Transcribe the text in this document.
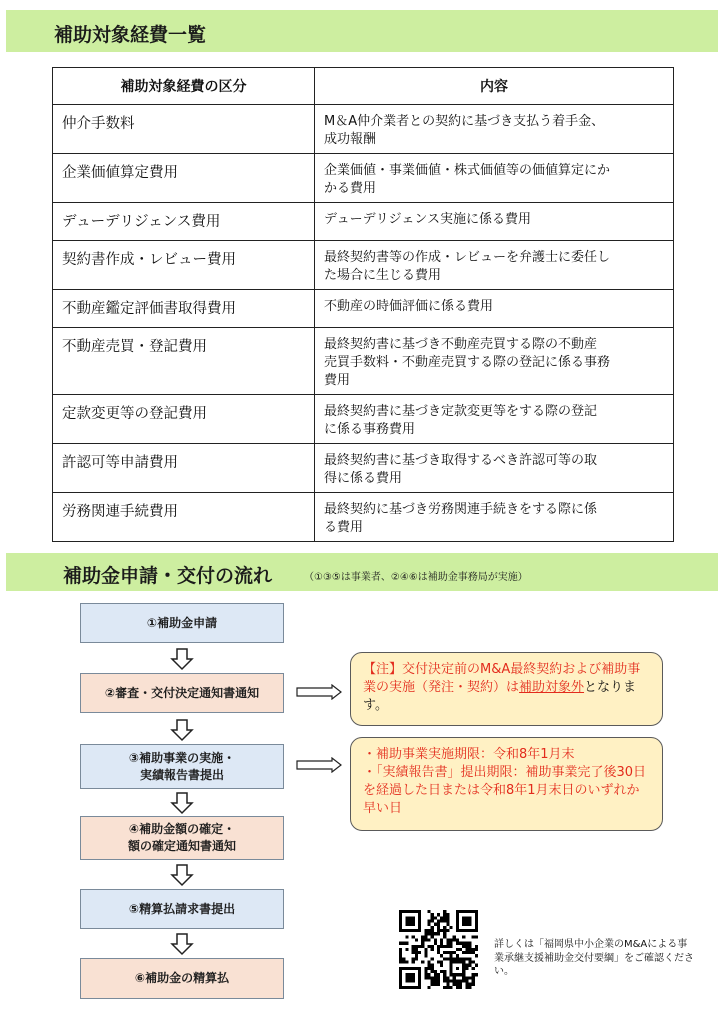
補助対象経費一覧
補助対象経費の区分	内容
仲介手数料	M＆A仲介業者との契約に基づき支払う着手金、
成功報酬

企業価値算定費用	企業価値・事業価値・株式価値等の価値算定にか
かる費用

デューデリジェンス費用	デューデリジェンス実施に係る費用

契約書作成・レビュー費用	最終契約書等の作成・レビューを弁護士に委任し
た場合に生じる費用

不動産鑑定評価書取得費用	不動産の時価評価に係る費用

不動産売買・登記費用	最終契約書に基づき不動産売買する際の不動産
売買手数料・不動産売買する際の登記に係る事務
費用

定款変更等の登記費用	最終契約書に基づき定款変更等をする際の登記
に係る事務費用

許認可等申請費用	最終契約書に基づき取得するべき許認可等の取
得に係る費用

労務関連手続費用	最終契約に基づき労務関連手続きをする際に係
る費用
補助金申請・交付の流れ	（①③⑤は事業者、②④⑥は補助金事務局が実施）
①補助金申請
②審査・交付決定通知書通知
③補助事業の実施・
実績報告書提出
④補助金額の確定・
額の確定通知書通知
⑤精算払請求書提出
⑥補助金の精算払
【注】交付決定前のM&A最終契約および補助事業の実施（発注・契約）は補助対象外となります。
・補助事業実施期限：令和8年1月末
・「実績報告書」提出期限：補助事業完了後30日を経過した日または令和8年1月末日のいずれか早い日
詳しくは「福岡県中小企業のM&Aによる事業承継支援補助金交付要綱」をご確認ください。
